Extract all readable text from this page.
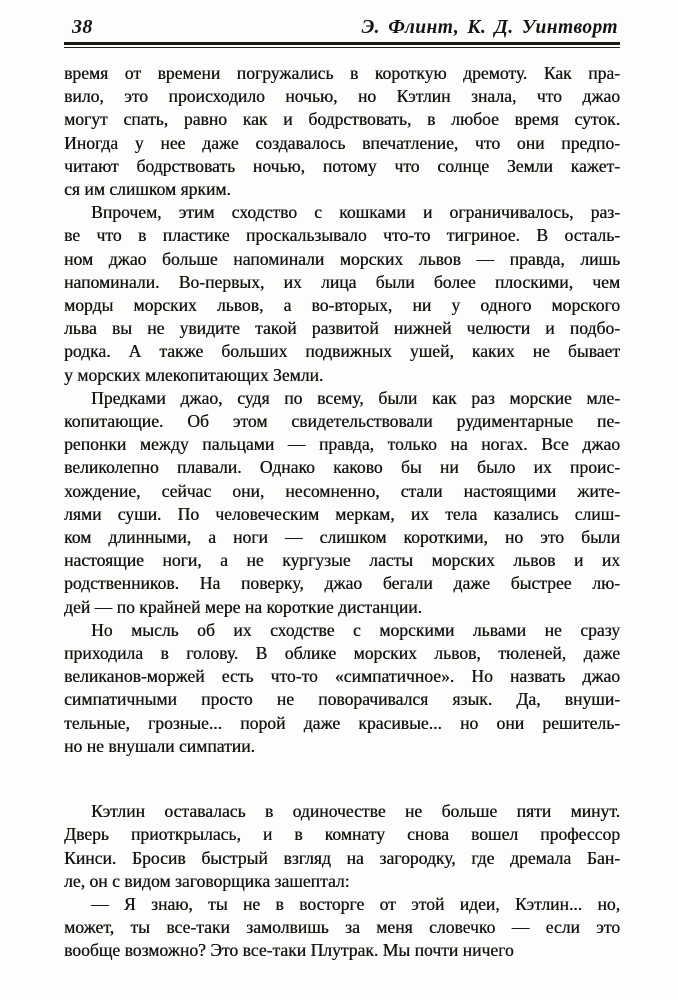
38	Э. Флинт, К. Д. Уинтворт
время от времени погружались в короткую дремоту. Как пра-
вило, это происходило ночью, но Кэтлин знала, что джао
могут спать, равно как и бодрствовать, в любое время суток.
Иногда у нее даже создавалось впечатление, что они предпо-
читают бодрствовать ночью, потому что солнце Земли кажет-
ся им слишком ярким.
Впрочем, этим сходство с кошками и ограничивалось, раз-
ве что в пластике проскальзывало что-то тигриное. В осталь-
ном джао больше напоминали морских львов — правда, лишь
напоминали. Во-первых, их лица были более плоскими, чем
морды морских львов, а во-вторых, ни у одного морского
льва вы не увидите такой развитой нижней челюсти и подбо-
родка. А также больших подвижных ушей, каких не бывает
у морских млекопитающих Земли.
Предками джао, судя по всему, были как раз морские мле-
копитающие. Об этом свидетельствовали рудиментарные пе-
репонки между пальцами — правда, только на ногах. Все джао
великолепно плавали. Однако каково бы ни было их проис-
хождение, сейчас они, несомненно, стали настоящими жите-
лями суши. По человеческим меркам, их тела казались слиш-
ком длинными, а ноги — слишком короткими, но это были
настоящие ноги, а не кургузые ласты морских львов и их
родственников. На поверку, джао бегали даже быстрее лю-
дей — по крайней мере на короткие дистанции.
Но мысль об их сходстве с морскими львами не сразу
приходила в голову. В облике морских львов, тюленей, даже
великанов-моржей есть что-то «симпатичное». Но назвать джао
симпатичными просто не поворачивался язык. Да, внуши-
тельные, грозные... порой даже красивые... но они решитель-
но не внушали симпатии.
Кэтлин оставалась в одиночестве не больше пяти минут.
Дверь приоткрылась, и в комнату снова вошел профессор
Кинси. Бросив быстрый взгляд на загородку, где дремала Бан-
ле, он с видом заговорщика зашептал:
— Я знаю, ты не в восторге от этой идеи, Кэтлин... но,
может, ты все-таки замолвишь за меня словечко — если это
вообще возможно? Это все-таки Плутрак. Мы почти ничего
